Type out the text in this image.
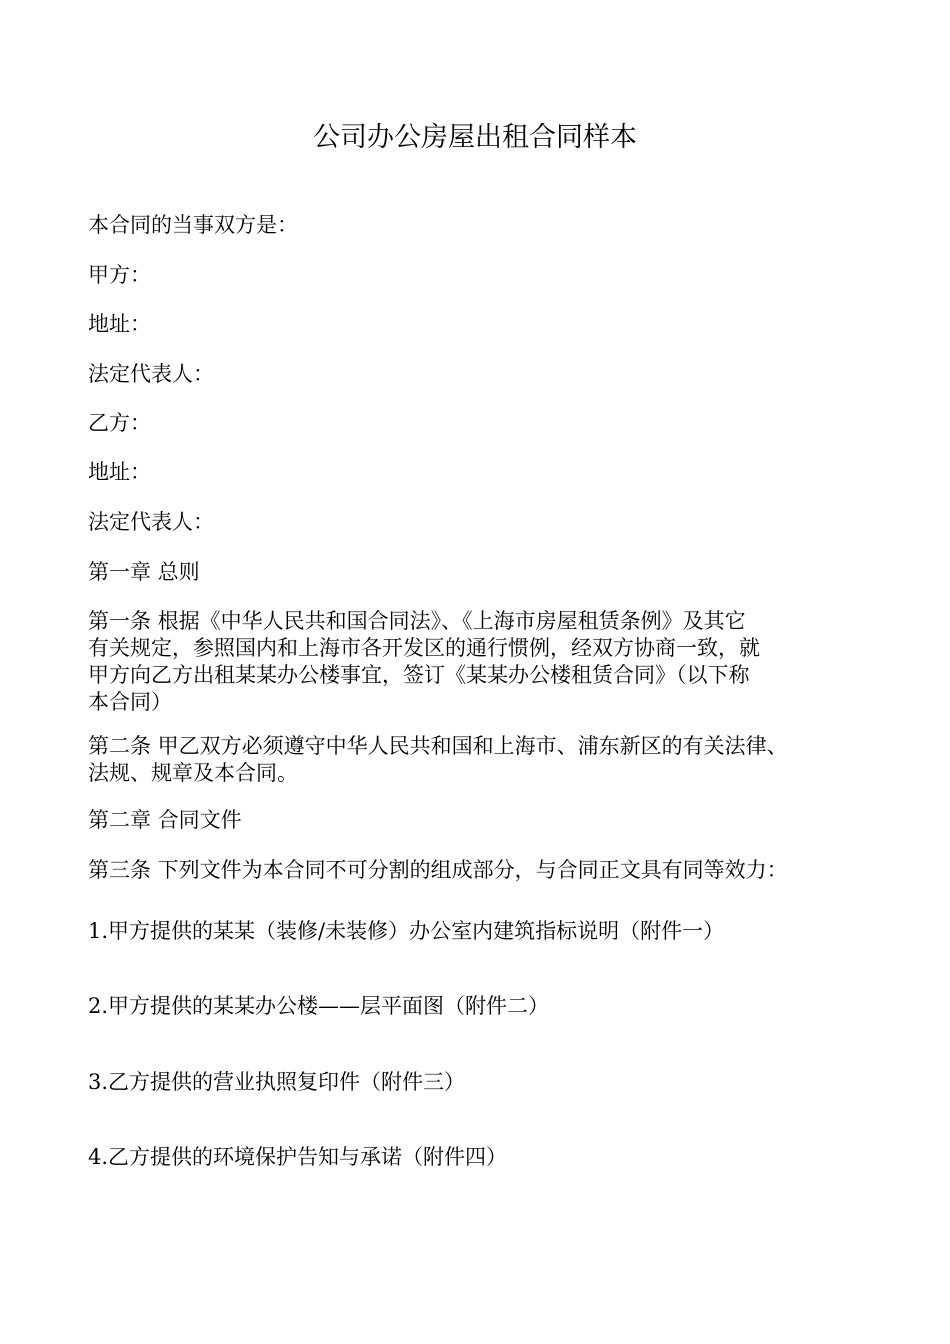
公司办公房屋出租合同样本

本合同的当事双方是：

甲方：

地址：

法定代表人：

乙方：

地址：

法定代表人：

第一章 总则

第一条 根据《中华人民共和国合同法》、《上海市房屋租赁条例》及其它
有关规定，参照国内和上海市各开发区的通行惯例，经双方协商一致，就
甲方向乙方出租某某办公楼事宜，签订《某某办公楼租赁合同》（以下称
本合同）
第二条 甲乙双方必须遵守中华人民共和国和上海市、浦东新区的有关法律、
法规、规章及本合同。

第二章 合同文件

第三条 下列文件为本合同不可分割的组成部分，与合同正文具有同等效力：

1.甲方提供的某某（装修/未装修）办公室内建筑指标说明（附件一）

2.甲方提供的某某办公楼——层平面图（附件二）

3.乙方提供的营业执照复印件（附件三）

4.乙方提供的环境保护告知与承诺（附件四）
